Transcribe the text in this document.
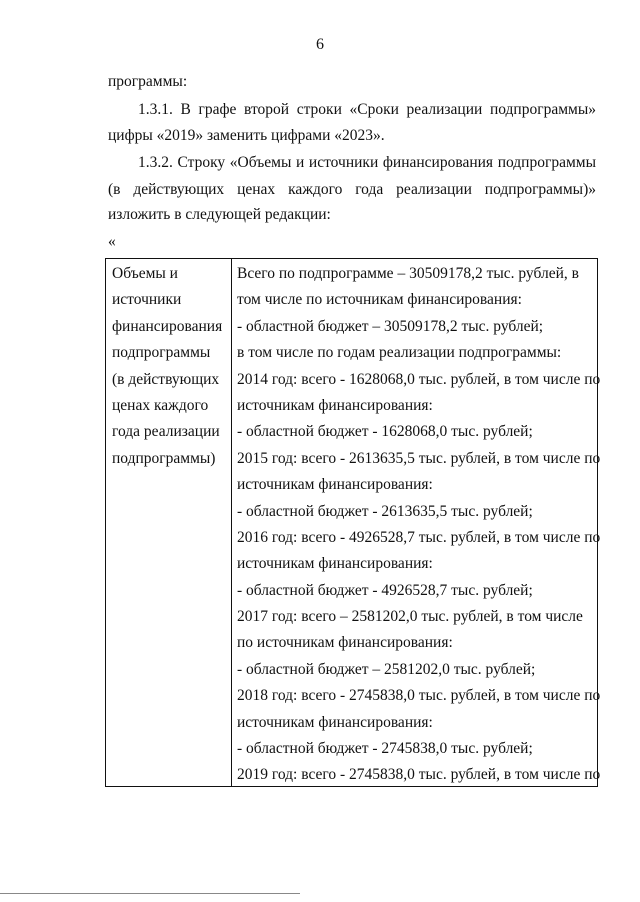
6
программы:
1.3.1. В графе второй строки «Сроки реализации подпрограммы»
цифры «2019» заменить цифрами «2023».
1.3.2. Строку «Объемы и источники финансирования подпрограммы
(в действующих ценах каждого года реализации подпрограммы)»
изложить в следующей редакции:
«
Объемы и
источники
финансирования
подпрограммы
(в действующих
ценах каждого
года реализации
подпрограммы)
Всего по подпрограмме – 30509178,2 тыс. рублей, в
том числе по источникам финансирования:
- областной бюджет – 30509178,2 тыс. рублей;
в том числе по годам реализации подпрограммы:
2014 год: всего - 1628068,0 тыс. рублей, в том числе по
источникам финансирования:
- областной бюджет - 1628068,0 тыс. рублей;
2015 год: всего - 2613635,5 тыс. рублей, в том числе по
источникам финансирования:
- областной бюджет - 2613635,5 тыс. рублей;
2016 год: всего - 4926528,7 тыс. рублей, в том числе по
источникам финансирования:
- областной бюджет - 4926528,7 тыс. рублей;
2017 год: всего – 2581202,0 тыс. рублей, в том числе
по источникам финансирования:
- областной бюджет – 2581202,0 тыс. рублей;
2018 год: всего - 2745838,0 тыс. рублей, в том числе по
источникам финансирования:
- областной бюджет - 2745838,0 тыс. рублей;
2019 год: всего - 2745838,0 тыс. рублей, в том числе по
